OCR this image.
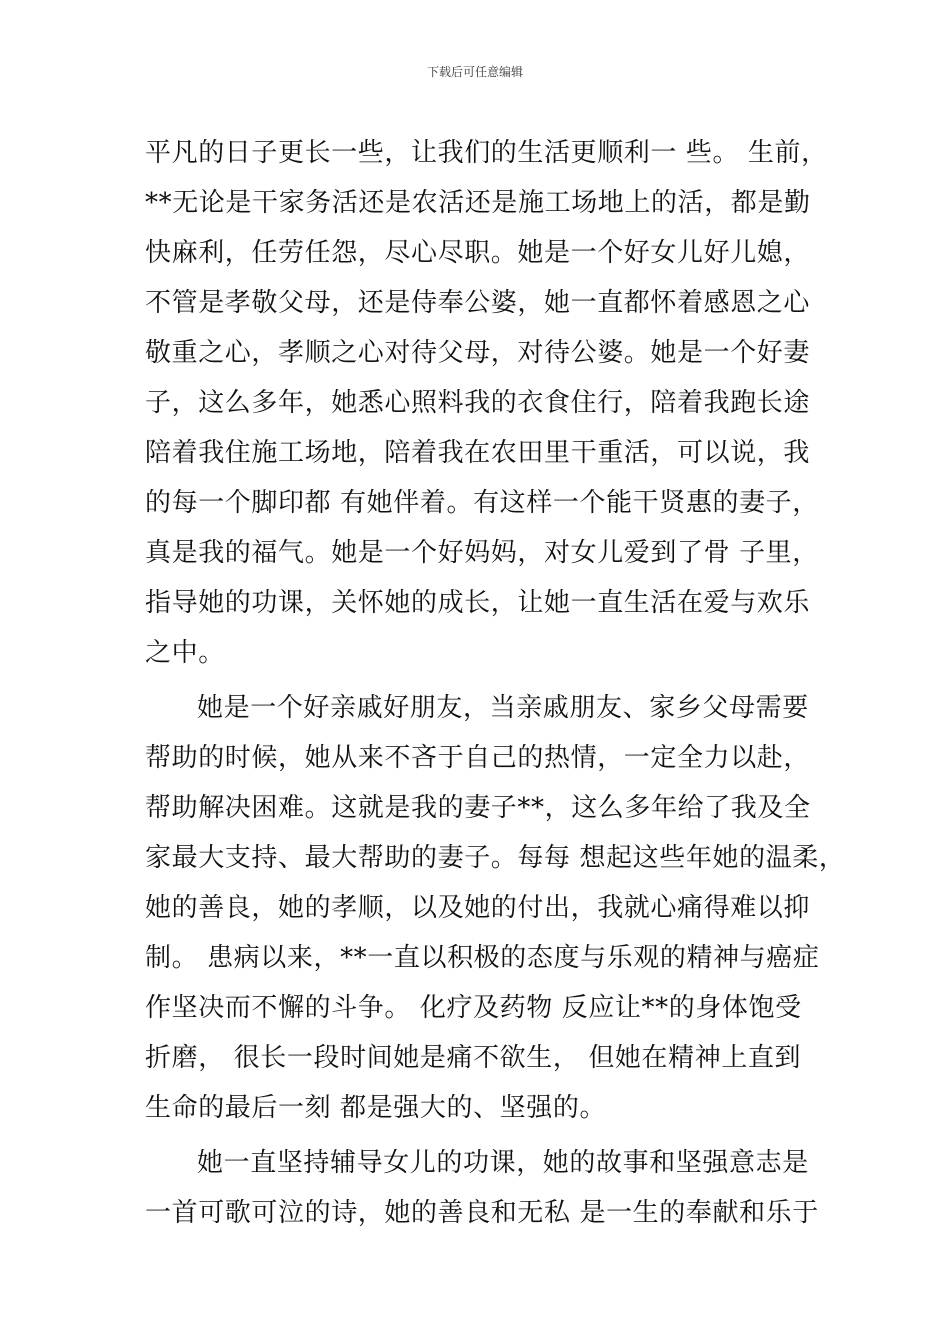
下载后可任意编辑
平凡的日子更长一些，让我们的生活更顺利一 些。 生前，
**无论是干家务活还是农活还是施工场地上的活，都是勤
快麻利，任劳任怨，尽心尽职。她是一个好女儿好儿媳，
不管是孝敬父母，还是侍奉公婆，她一直都怀着感恩之心
敬重之心，孝顺之心对待父母，对待公婆。她是一个好妻
子，这么多年，她悉心照料我的衣食住行，陪着我跑长途
陪着我住施工场地，陪着我在农田里干重活，可以说，我
的每一个脚印都 有她伴着。有这样一个能干贤惠的妻子，
真是我的福气。她是一个好妈妈，对女儿爱到了骨 子里，
指导她的功课，关怀她的成长，让她一直生活在爱与欢乐
之中。
她是一个好亲戚好朋友，当亲戚朋友、家乡父母需要
帮助的时候，她从来不吝于自己的热情，一定全力以赴，
帮助解决困难。这就是我的妻子**，这么多年给了我及全
家最大支持、最大帮助的妻子。每每 想起这些年她的温柔，
她的善良，她的孝顺，以及她的付出，我就心痛得难以抑
制。 患病以来，**一直以积极的态度与乐观的精神与癌症
作坚决而不懈的斗争。 化疗及药物 反应让**的身体饱受
折磨， 很长一段时间她是痛不欲生， 但她在精神上直到
生命的最后一刻 都是强大的、坚强的。
她一直坚持辅导女儿的功课，她的故事和坚强意志是
一首可歌可泣的诗，她的善良和无私 是一生的奉献和乐于
